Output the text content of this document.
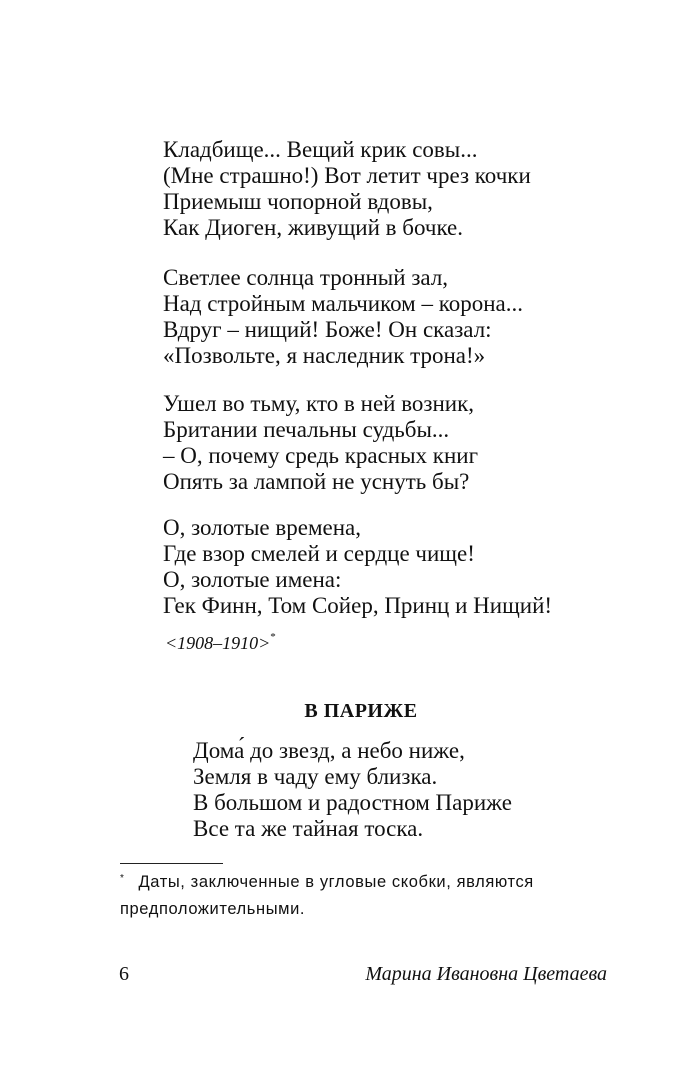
Кладбище... Вещий крик совы...
(Мне страшно!) Вот летит чрез кочки
Приемыш чопорной вдовы,
Как Диоген, живущий в бочке.
Светлее солнца тронный зал,
Над стройным мальчиком – корона...
Вдруг – нищий! Боже! Он сказал:
«Позвольте, я наследник трона!»
Ушел во тьму, кто в ней возник,
Британии печальны судьбы...
– О, почему средь красных книг
Опять за лампой не уснуть бы?
О, золотые времена,
Где взор смелей и сердце чище!
О, золотые имена:
Гек Финн, Том Сойер, Принц и Нищий!
<1908–1910>*
В ПАРИЖЕ
Дома́ до звезд, а небо ниже,
Земля в чаду ему близка.
В большом и радостном Париже
Все та же тайная тоска.
* Даты, заключенные в угловые скобки, являются предположительными.
6	Марина Ивановна Цветаева
